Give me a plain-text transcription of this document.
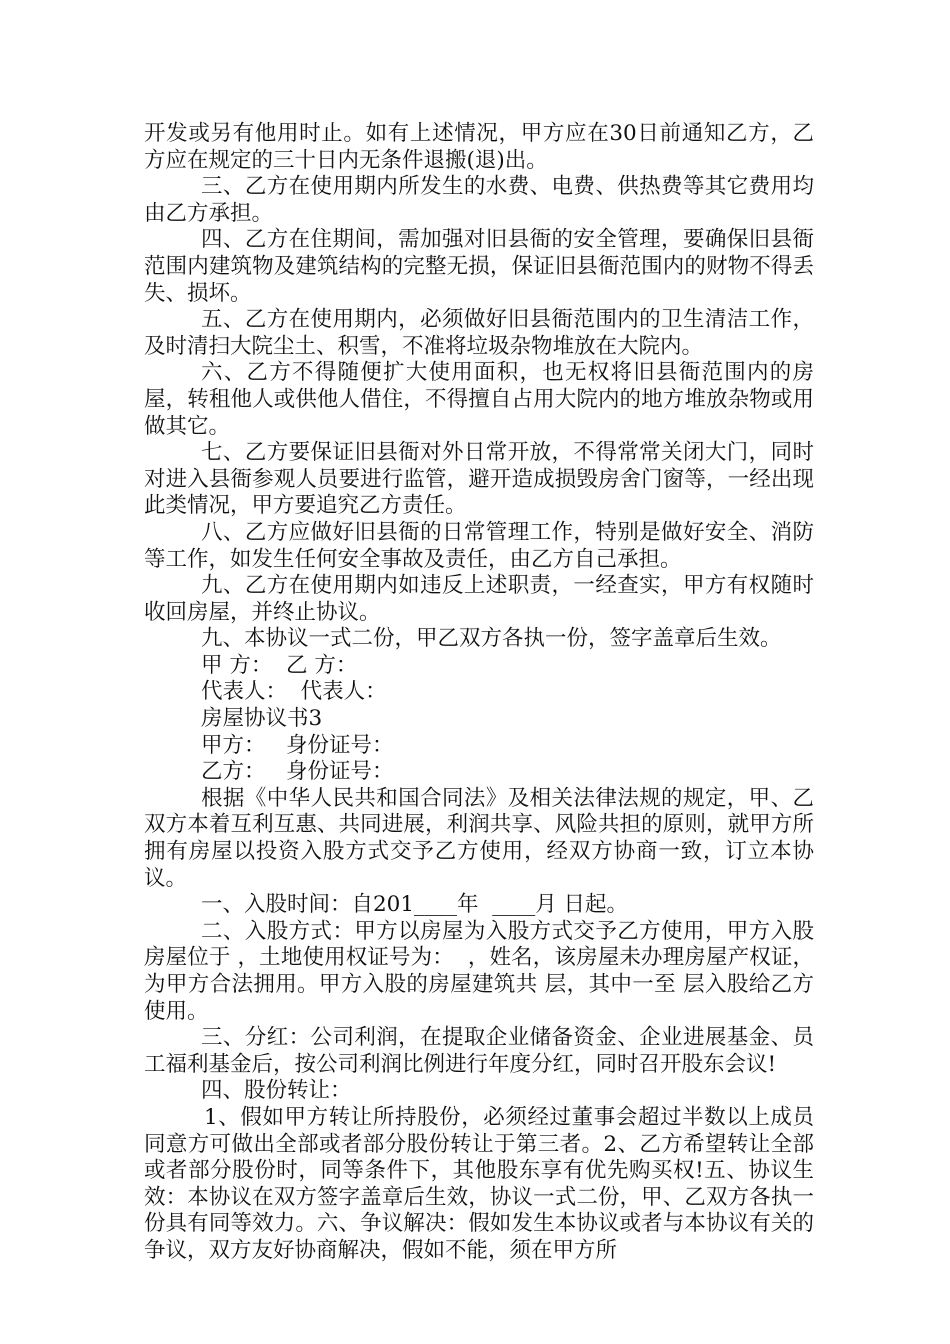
开发或另有他用时止。如有上述情况，甲方应在30日前通知乙方，乙方应在规定的三十日内无条件退搬(退)出。

三、乙方在使用期内所发生的水费、电费、供热费等其它费用均由乙方承担。

四、乙方在住期间，需加强对旧县衙的安全管理，要确保旧县衙范围内建筑物及建筑结构的完整无损，保证旧县衙范围内的财物不得丢失、损坏。

五、乙方在使用期内，必须做好旧县衙范围内的卫生清洁工作，及时清扫大院尘土、积雪，不准将垃圾杂物堆放在大院内。

六、乙方不得随便扩大使用面积，也无权将旧县衙范围内的房屋，转租他人或供他人借住，不得擅自占用大院内的地方堆放杂物或用做其它。

七、乙方要保证旧县衙对外日常开放，不得常常关闭大门，同时对进入县衙参观人员要进行监管，避开造成损毁房舍门窗等，一经出现此类情况，甲方要追究乙方责任。

八、乙方应做好旧县衙的日常管理工作，特别是做好安全、消防等工作，如发生任何安全事故及责任，由乙方自己承担。

九、乙方在使用期内如违反上述职责，一经查实，甲方有权随时收回房屋，并终止协议。

九、本协议一式二份，甲乙双方各执一份，签字盖章后生效。

甲 方：  乙 方：

代表人：  代表人：

房屋协议书3

甲方：   身份证号：

乙方：   身份证号：

根据《中华人民共和国合同法》及相关法律法规的规定，甲、乙双方本着互利互惠、共同进展，利润共享、风险共担的原则，就甲方所拥有房屋以投资入股方式交予乙方使用，经双方协商一致，订立本协议。

一、入股时间：自201____年  ____月 日起。

二、入股方式：甲方以房屋为入股方式交予乙方使用，甲方入股房屋位于 ，土地使用权证号为：  ，姓名，该房屋未办理房屋产权证，为甲方合法拥用。甲方入股的房屋建筑共 层，其中一至 层入股给乙方使用。

三、分红：公司利润，在提取企业储备资金、企业进展基金、员工福利基金后，按公司利润比例进行年度分红，同时召开股东会议!

四、股份转让：

1、假如甲方转让所持股份，必须经过董事会超过半数以上成员同意方可做出全部或者部分股份转让于第三者。2、乙方希望转让全部或者部分股份时，同等条件下，其他股东享有优先购买权!五、协议生效：本协议在双方签字盖章后生效，协议一式二份，甲、乙双方各执一份具有同等效力。六、争议解决：假如发生本协议或者与本协议有关的争议，双方友好协商解决，假如不能，须在甲方所
